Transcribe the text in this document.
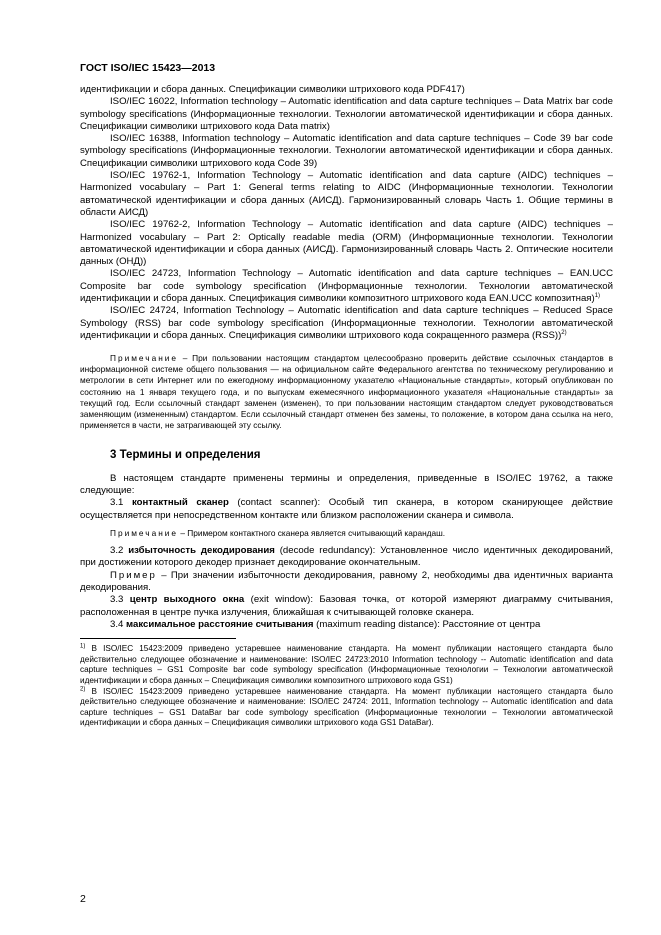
ГОСТ ISO/IEC 15423—2013

идентификации и сбора данных. Спецификации символики штрихового кода PDF417)

ISO/IEC 16022, Information technology – Automatic identification and data capture techniques – Data Matrix bar code symbology specifications (Информационные технологии. Технологии автоматической идентификации и сбора данных. Спецификации символики штрихового кода Data matrix)

ISO/IEC 16388, Information technology – Automatic identification and data capture techniques – Code 39 bar code symbology specifications (Информационные технологии. Технологии автоматической идентификации и сбора данных. Спецификации символики штрихового кода Code 39)

ISO/IEC 19762-1, Information Technology – Automatic identification and data capture (AIDC) techniques – Harmonized vocabulary – Part 1: General terms relating to AIDC (Информационные технологии. Технологии автоматической идентификации и сбора данных (АИСД). Гармонизированный словарь Часть 1. Общие термины в области АИСД)

ISO/IEC 19762-2, Information Technology – Automatic identification and data capture (AIDC) techniques – Harmonized vocabulary – Part 2: Optically readable media (ORM) (Информационные технологии. Технологии автоматической идентификации и сбора данных (АИСД). Гармонизированный словарь Часть 2. Оптические носители данных (ОНД))

ISO/IEC 24723, Information Technology – Automatic identification and data capture techniques – EAN.UCC Composite bar code symbology specification (Информационные технологии. Технологии автоматической идентификации и сбора данных. Спецификация символики композитного штрихового кода EAN.UCC композитная)$^{1)}$

ISO/IEC 24724, Information Technology – Automatic identification and data capture techniques – Reduced Space Symbology (RSS) bar code symbology specification (Информационные технологии. Технологии автоматической идентификации и сбора данных. Спецификация символики штрихового кода сокращенного размера (RSS))$^{2)}$

Примечание – При пользовании настоящим стандартом целесообразно проверить действие ссылочных стандартов в информационной системе общего пользования — на официальном сайте Федерального агентства по техническому регулированию и метрологии в сети Интернет или по ежегодному информационному указателю «Национальные стандарты», который опубликован по состоянию на 1 января текущего года, и по выпускам ежемесячного информационного указателя «Национальные стандарты» за текущий год. Если ссылочный стандарт заменен (изменен), то при пользовании настоящим стандартом следует руководствоваться заменяющим (измененным) стандартом. Если ссылочный стандарт отменен без замены, то положение, в котором дана ссылка на него, применяется в части, не затрагивающей эту ссылку.

3 Термины и определения

В настоящем стандарте применены термины и определения, приведенные в ISO/IEC 19762, а также следующие:

3.1 контактный сканер (contact scanner): Особый тип сканера, в котором сканирующее действие осуществляется при непосредственном контакте или близком расположении сканера и символа.

Примечание – Примером контактного сканера является считывающий карандаш.

3.2 избыточность декодирования (decode redundancy): Установленное число идентичных декодирований, при достижении которого декодер признает декодирование окончательным.

Пример – При значении избыточности декодирования, равному 2, необходимы два идентичных варианта декодирования.

3.3 центр выходного окна (exit window): Базовая точка, от которой измеряют диаграмму считывания, расположенная в центре пучка излучения, ближайшая к считывающей головке сканера.

3.4 максимальное расстояние считывания (maximum reading distance): Расстояние от центра

$^{1)}$ В ISO/IEC 15423:2009 приведено устаревшее наименование стандарта. На момент публикации настоящего стандарта было действительно следующее обозначение и наименование: ISO/IEC 24723:2010 Information technology -- Automatic identification and data capture techniques – GS1 Composite bar code symbology specification (Информационные технологии – Технологии автоматической идентификации и сбора данных – Спецификация символики композитного штрихового кода GS1)

$^{2)}$ В ISO/IEC 15423:2009 приведено устаревшее наименование стандарта. На момент публикации настоящего стандарта было действительно следующее обозначение и наименование: ISO/IEC 24724: 2011, Information technology -- Automatic identification and data capture techniques – GS1 DataBar bar code symbology specification (Информационные технологии – Технологии автоматической идентификации и сбора данных – Спецификация символики штрихового кода GS1 DataBar).

2
